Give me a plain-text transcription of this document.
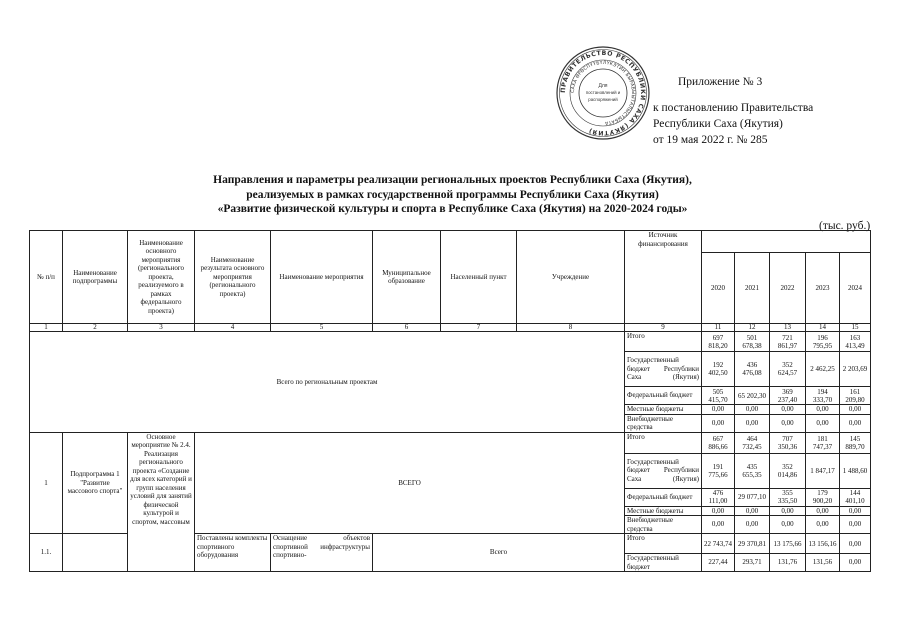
ПРАВИТЕЛЬСТВО РЕСПУБЛИКИ САХА (ЯКУТИЯ)
САХА ӨРӨСПҮҮБҮЛҮКЭТИН БЫРАБЫЫТАЛЫСТЫБАТА
Для
постановлений и
распоряжений
Приложение № 3
к постановлению Правительства
Республики Саха (Якутия)
от 19 мая 2022 г. № 285
Направления и параметры реализации региональных проектов Республики Саха (Якутия),
реализуемых в рамках государственной программы Республики Саха (Якутия)
«Развитие физической культуры и спорта в Республике Саха (Якутия) на 2020-2024 годы»
(тыс. руб.)
№ п/п	Наименование подпрограммы	Наименование основного мероприятия (регионального проекта, реализуемого в рамках федерального проекта)	Наименование результата основного мероприятия (регионального проекта)	Наименование мероприятия	Муниципальное образование	Населенный пункт	Учреждение	Источник финансирования					
									2020	2021	2022	2023	2024
1	2	3	4	5	6	7	8	9	11	12	13	14	15
Всего по региональным проектам								Итого	697 818,20	501 678,38	721 861,97	196 795,95	163 413,49
								Государственный бюджет Республики Саха (Якутия)	192 402,50	436 476,08	352 624,57	2 462,25	2 203,69
								Федеральный бюджет	505 415,70	65 202,30	369 237,40	194 333,70	161 209,80
								Местные бюджеты	0,00	0,00	0,00	0,00	0,00
								Внебюджетные средства	0,00	0,00	0,00	0,00	0,00
1	Подпрограмма 1 "Развитие массового спорта"	Основное мероприятие № 2.4. Реализация регионального проекта «Создание для всех категорий и групп населения условий для занятий физической культурой и спортом, массовым	ВСЕГО					Итого	667 886,66	464 732,45	707 350,36	181 747,37	145 889,70
								Государственный бюджет Республики Саха (Якутия)	191 775,66	435 655,35	352 014,86	1 847,17	1 488,60
								Федеральный бюджет	476 111,00	29 077,10	355 335,50	179 900,20	144 401,10
								Местные бюджеты	0,00	0,00	0,00	0,00	0,00
								Внебюджетные средства	0,00	0,00	0,00	0,00	0,00
1.1.			Поставлены комплекты спортивного оборудования	Оснащение объектов спортивной инфраструктуры спортивно-	Всего			Итого	22 743,74	29 370,81	13 175,66	13 156,16	0,00
								Государственный бюджет	227,44	293,71	131,76	131,56	0,00
